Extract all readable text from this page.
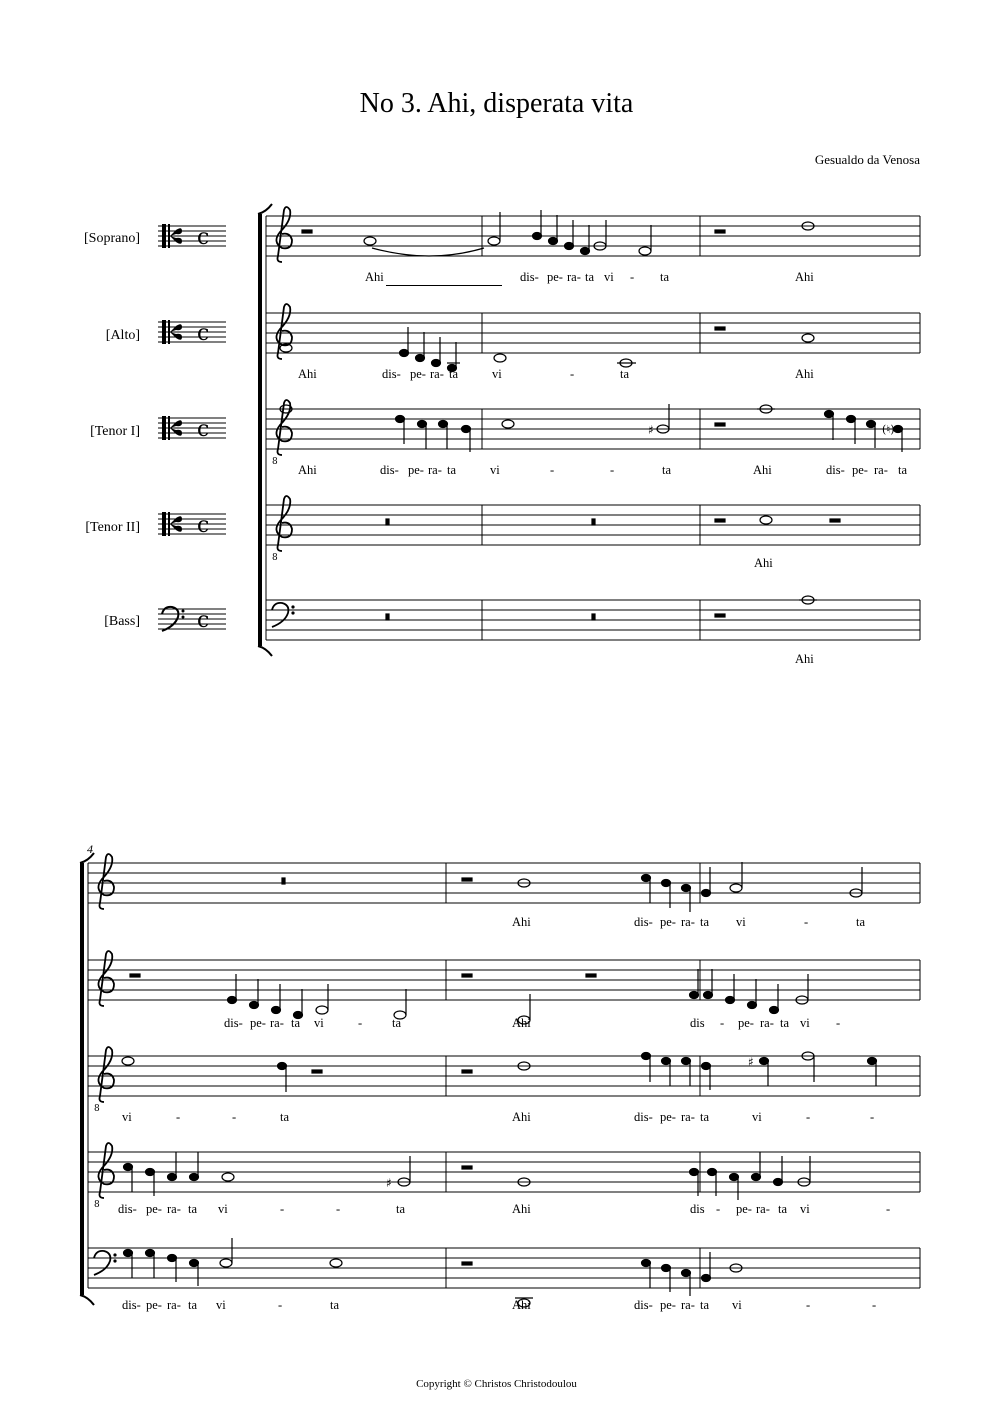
No 3. Ahi, disperata vita
Gesualdo da Venosa
[Soprano]
[Alto]
[Tenor I]
[Tenor II]
[Bass]
4
c
c
c
c
c
8
8
♯	(♮)
8
8
♯
♯
Ahi	dis- pe- ra- ta vi - ta	Ahi
Ahi	dis- pe- ra- ta	vi	-	ta	Ahi
Ahi	dis- pe- ra- ta	vi	-	-	ta	Ahi	dis- pe- ra- ta
Ahi
Ahi
Ahi	dis- pe- ra- ta vi	-	ta
dis- pe- ra- ta vi	- ta	Ahi	dis - pe- ra- ta vi -
vi	-	-	ta	Ahi	dis- pe- ra- ta	vi	-	-
dis- pe- ra- ta vi	-	-	ta	Ahi	dis - pe- ra- ta vi	-
dis- pe- ra- ta vi	-	ta	Ahi	dis- pe- ra- ta vi	-	-
Copyright © Christos Christodoulou
